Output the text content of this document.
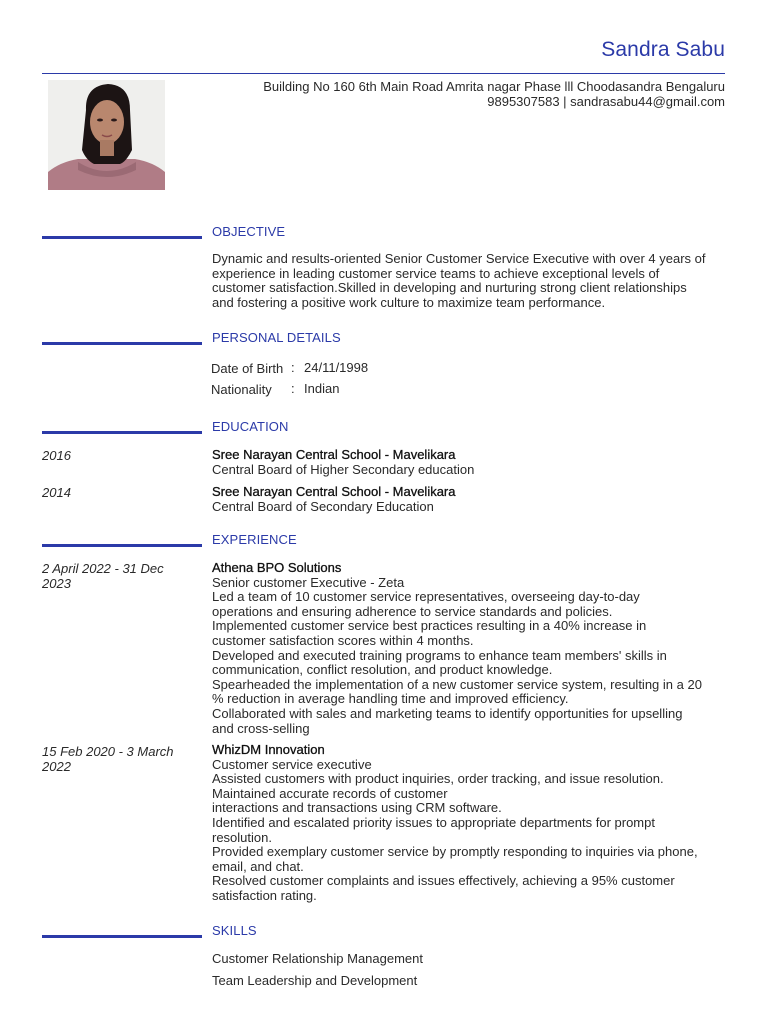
Sandra Sabu
Building No 160 6th Main Road Amrita nagar Phase lll Choodasandra Bengaluru
9895307583 | sandrasabu44@gmail.com
OBJECTIVE
Dynamic and results-oriented Senior Customer Service Executive with over 4 years of
experience in leading customer service teams to achieve exceptional levels of
customer satisfaction.Skilled in developing and nurturing strong client relationships
and fostering a positive work culture to maximize team performance.
PERSONAL DETAILS
Date of Birth : 24/11/1998
Nationality : Indian
EDUCATION
2016	Sree Narayan Central School - Mavelikara
Central Board of Higher Secondary education
2014	Sree Narayan Central School - Mavelikara
Central Board of Secondary Education
EXPERIENCE
2 April 2022 - 31 Dec
2023
Athena BPO Solutions
Senior customer Executive - Zeta
Led a team of 10 customer service representatives, overseeing day-to-day
operations and ensuring adherence to service standards and policies.
Implemented customer service best practices resulting in a 40% increase in
customer satisfaction scores within 4 months.
Developed and executed training programs to enhance team members' skills in
communication, conflict resolution, and product knowledge.
Spearheaded the implementation of a new customer service system, resulting in a 20
% reduction in average handling time and improved efficiency.
Collaborated with sales and marketing teams to identify opportunities for upselling
and cross-selling
15 Feb 2020 - 3 March
2022
WhizDM Innovation
Customer service executive
Assisted customers with product inquiries, order tracking, and issue resolution.
Maintained accurate records of customer
interactions and transactions using CRM software.
Identified and escalated priority issues to appropriate departments for prompt
resolution.
Provided exemplary customer service by promptly responding to inquiries via phone,
email, and chat.
Resolved customer complaints and issues effectively, achieving a 95% customer
satisfaction rating.
SKILLS
Customer Relationship Management
Team Leadership and Development
